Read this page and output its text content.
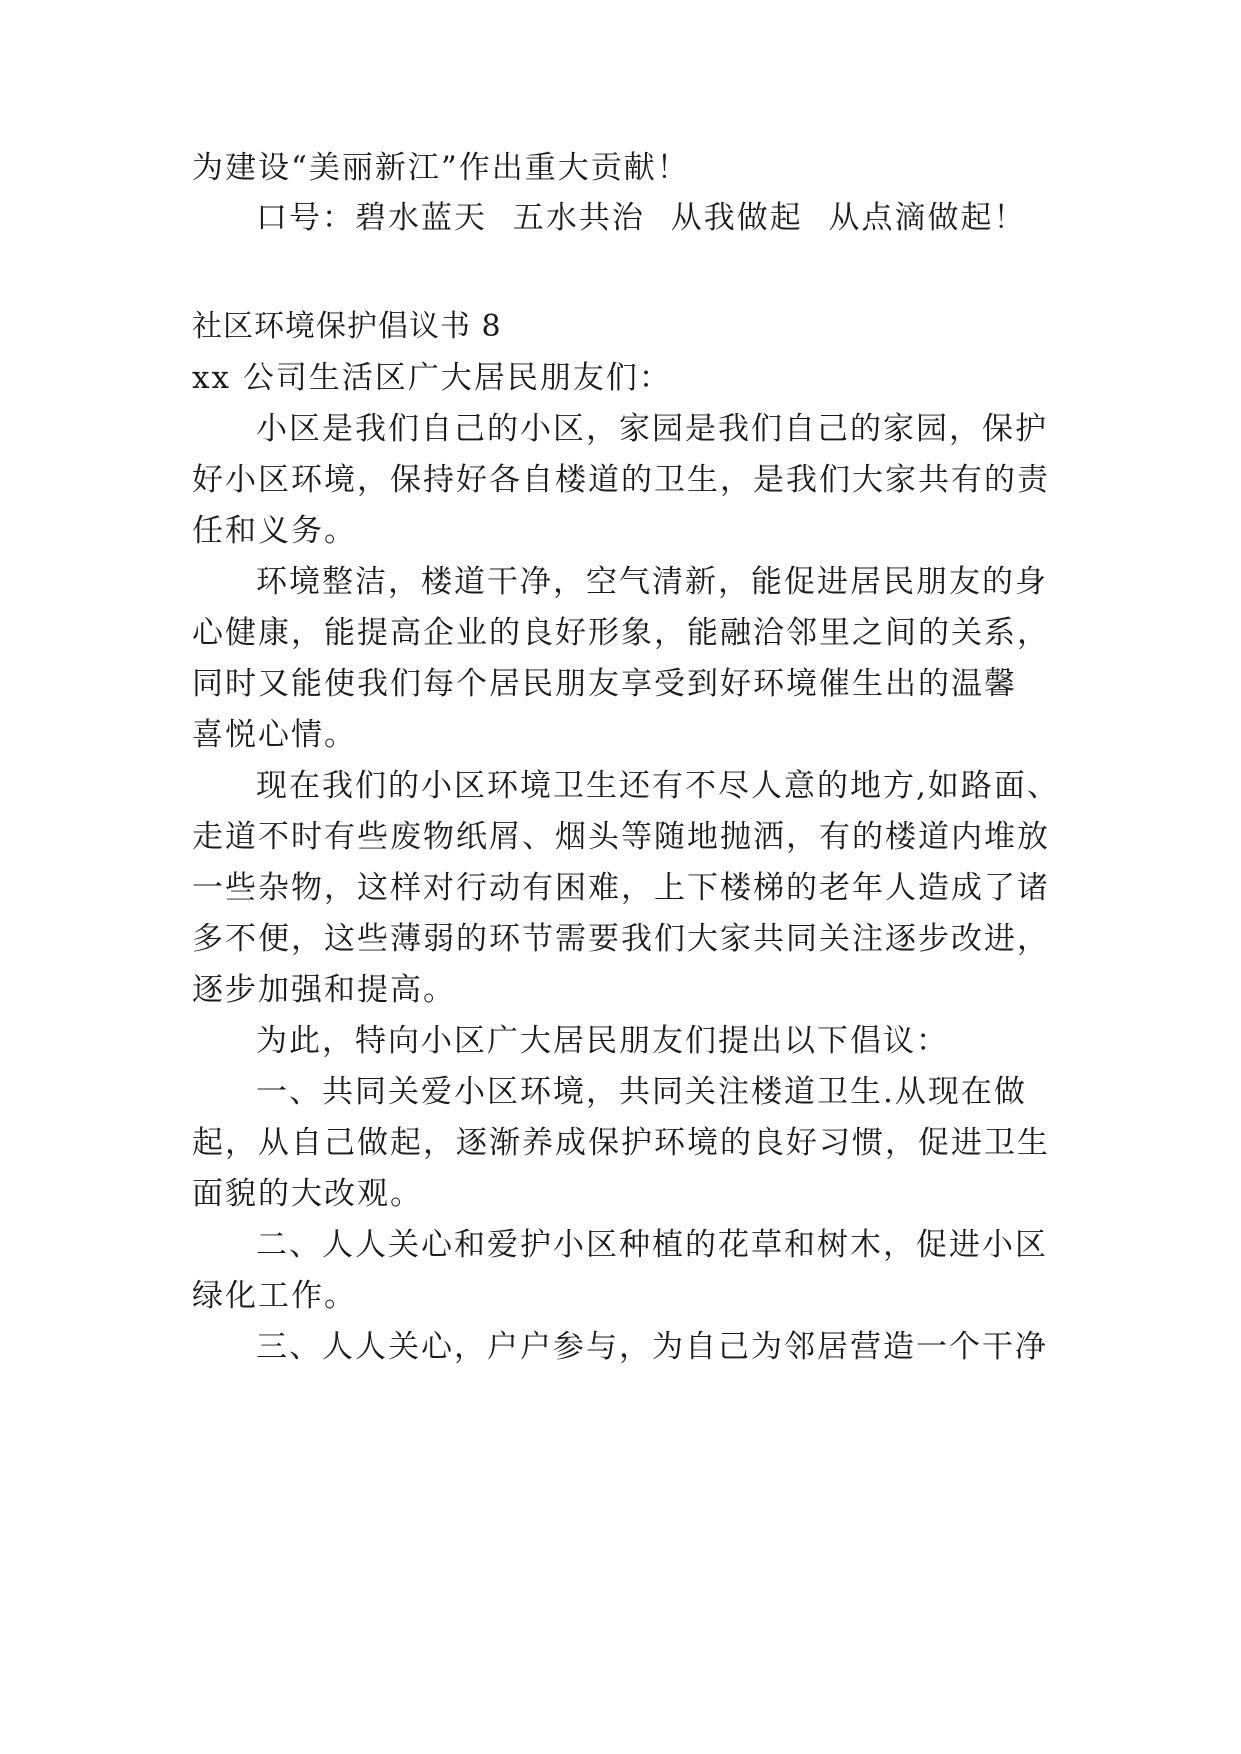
为建设“美丽新江”作出重大贡献！
口号：碧水蓝天 五水共治 从我做起 从点滴做起！
社区环境保护倡议书 8
xx 公司生活区广大居民朋友们：
小区是我们自己的小区，家园是我们自己的家园，保护
好小区环境，保持好各自楼道的卫生，是我们大家共有的责
任和义务。
环境整洁，楼道干净，空气清新，能促进居民朋友的身
心健康，能提高企业的良好形象，能融洽邻里之间的关系，
同时又能使我们每个居民朋友享受到好环境催生出的温馨
喜悦心情。
现在我们的小区环境卫生还有不尽人意的地方,如路面、
走道不时有些废物纸屑、烟头等随地抛洒，有的楼道内堆放
一些杂物，这样对行动有困难，上下楼梯的老年人造成了诸
多不便，这些薄弱的环节需要我们大家共同关注逐步改进，
逐步加强和提高。
为此，特向小区广大居民朋友们提出以下倡议：
一、共同关爱小区环境，共同关注楼道卫生.从现在做
起，从自己做起，逐渐养成保护环境的良好习惯，促进卫生
面貌的大改观。
二、人人关心和爱护小区种植的花草和树木，促进小区
绿化工作。
三、人人关心，户户参与，为自己为邻居营造一个干净
